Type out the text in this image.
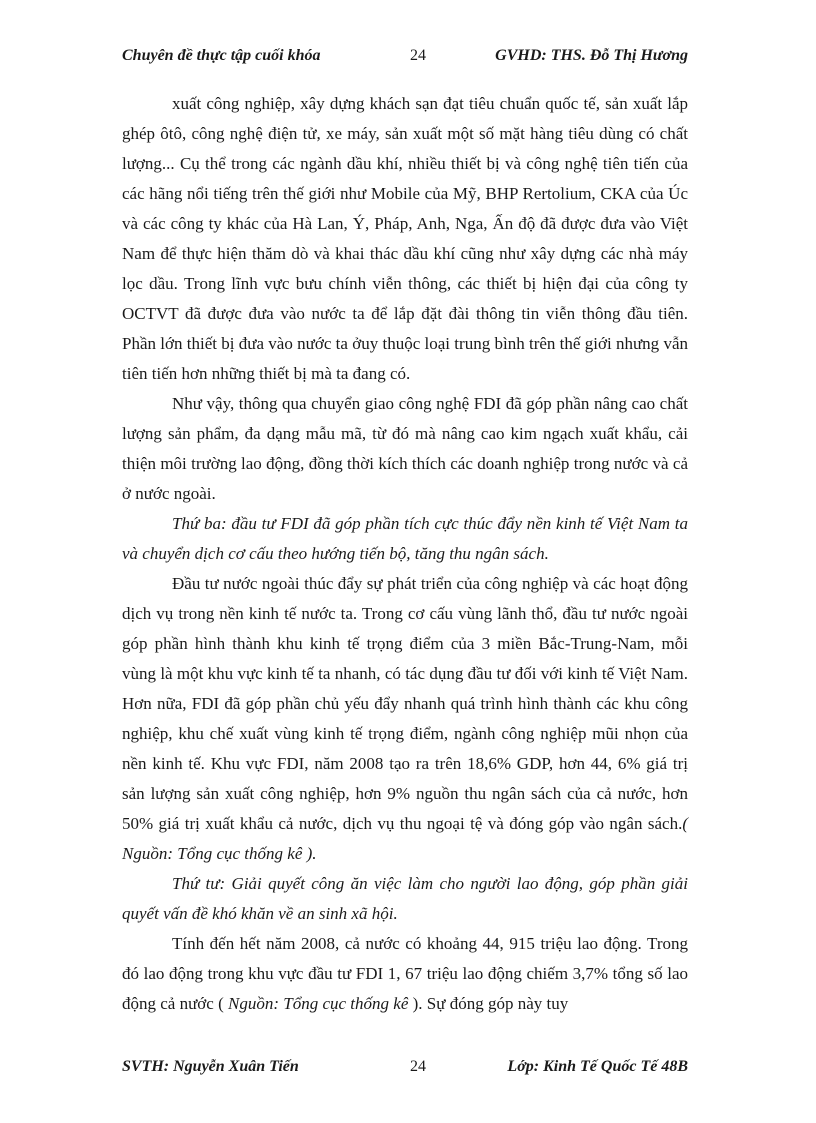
Chuyên đề thực tập cuối khóa	24	GVHD: THS. Đỗ Thị Hương

xuất công nghiệp, xây dựng khách sạn đạt tiêu chuẩn quốc tế, sản xuất lắp ghép ôtô, công nghệ điện tử, xe máy, sản xuất một số mặt hàng tiêu dùng có chất lượng... Cụ thể trong các ngành dầu khí, nhiều thiết bị và công nghệ tiên tiến của các hãng nổi tiếng trên thế giới như Mobile của Mỹ, BHP Rertolium, CKA của Úc và các công ty khác của Hà Lan, Ý, Pháp, Anh, Nga, Ấn độ đã được đưa vào Việt Nam để thực hiện thăm dò và khai thác dầu khí cũng như xây dựng các nhà máy lọc dầu. Trong lĩnh vực bưu chính viễn thông, các thiết bị hiện đại của công ty OCTVT đã được đưa vào nước ta để lắp đặt đài thông tin viễn thông đầu tiên. Phần lớn thiết bị đưa vào nước ta ởuy thuộc loại trung bình trên thế giới nhưng vẫn tiên tiến hơn những thiết bị mà ta đang có.

Như vậy, thông qua chuyển giao công nghệ FDI đã góp phần nâng cao chất lượng sản phẩm, đa dạng mẫu mã, từ đó mà nâng cao kim ngạch xuất khẩu, cải thiện môi trường lao động, đồng thời kích thích các doanh nghiệp trong nước và cả ở nước ngoài.

Thứ ba: đầu tư FDI đã góp phần tích cực thúc đẩy nền kinh tế Việt Nam ta và chuyển dịch cơ cấu theo hướng tiến bộ, tăng thu ngân sách.

Đầu tư nước ngoài thúc đẩy sự phát triển của công nghiệp và các hoạt động dịch vụ trong nền kinh tế nước ta. Trong cơ cấu vùng lãnh thổ, đầu tư nước ngoài góp phần hình thành khu kinh tế trọng điểm của 3 miền Bắc-Trung-Nam, mỗi vùng là một khu vực kinh tế ta nhanh, có tác dụng đầu tư đối với kinh tế Việt Nam. Hơn nữa, FDI đã góp phần chủ yếu đẩy nhanh quá trình hình thành các khu công nghiệp, khu chế xuất vùng kinh tế trọng điểm, ngành công nghiệp mũi nhọn của nền kinh tế. Khu vực FDI, năm 2008 tạo ra trên 18,6% GDP, hơn 44, 6% giá trị sản lượng sản xuất công nghiệp, hơn 9% nguồn thu ngân sách của cả nước, hơn 50% giá trị xuất khẩu cả nước, dịch vụ thu ngoại tệ và đóng góp vào ngân sách.( Nguồn: Tổng cục thống kê ).

Thứ tư: Giải quyết công ăn việc làm cho người lao động, góp phần giải quyết vấn đề khó khăn về an sinh xã hội.

Tính đến hết năm 2008, cả nước có khoảng 44, 915 triệu lao động. Trong đó lao động trong khu vực đầu tư FDI 1, 67 triệu lao động chiếm 3,7% tổng số lao động cả nước ( Nguồn: Tổng cục thống kê ). Sự đóng góp này tuy

SVTH: Nguyễn Xuân Tiến	24	Lớp: Kinh Tế Quốc Tế 48B
